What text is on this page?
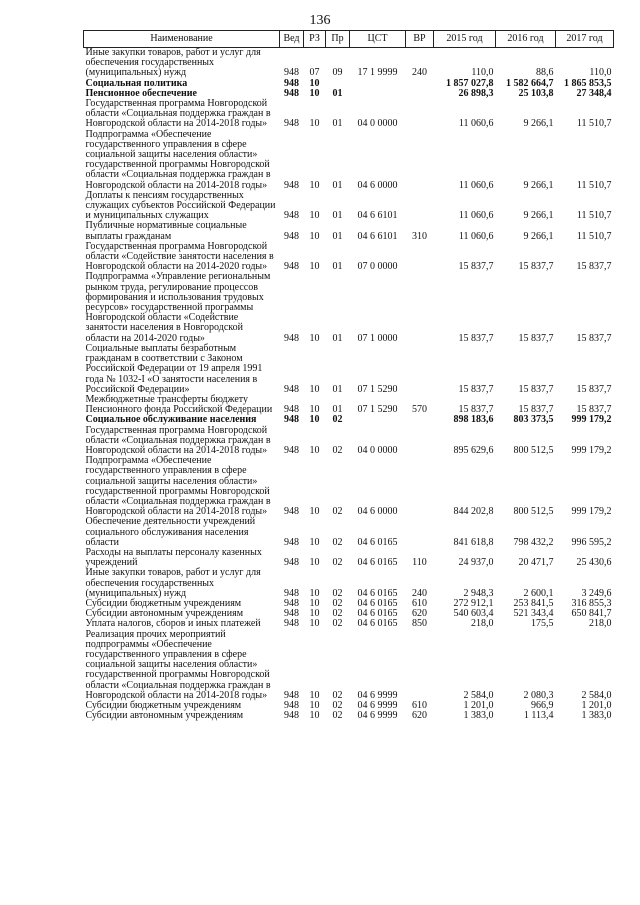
136
Наименование	Вед	РЗ	Пр	ЦСТ	ВР	2015 год	2016 год	2017 год
Иные закупки товаров, работ и услуг для обеспечения государственных (муниципальных) нужд	948	07	09	17 1 9999	240	110,0	88,6	110,0
Социальная политика	948	10				1 857 027,8	1 582 664,7	1 865 853,5
Пенсионное обеспечение	948	10	01			26 898,3	25 103,8	27 348,4
Государственная программа Новгородской области «Социальная поддержка граждан в Новгородской области на 2014-2018 годы»	948	10	01	04 0 0000		11 060,6	9 266,1	11 510,7
Подпрограмма «Обеспечение государственного управления в сфере социальной защиты населения области» государственной программы Новгородской области «Социальная поддержка граждан в Новгородской области на 2014-2018 годы»	948	10	01	04 6 0000		11 060,6	9 266,1	11 510,7
Доплаты к пенсиям государственных служащих субъектов Российской Федерации и муниципальных служащих	948	10	01	04 6 6101		11 060,6	9 266,1	11 510,7
Публичные нормативные социальные выплаты гражданам	948	10	01	04 6 6101	310	11 060,6	9 266,1	11 510,7
Государственная программа Новгородской области «Содействие занятости населения в Новгородской области на 2014-2020 годы»	948	10	01	07 0 0000		15 837,7	15 837,7	15 837,7
Подпрограмма «Управление региональным рынком труда, регулирование процессов формирования и использования трудовых ресурсов» государственной программы Новгородской области «Содействие занятости населения в Новгородской области на 2014-2020 годы»	948	10	01	07 1 0000		15 837,7	15 837,7	15 837,7
Социальные выплаты безработным гражданам в соответствии с Законом Российской Федерации от 19 апреля 1991 года № 1032-I «О занятости населения в Российской Федерации»	948	10	01	07 1 5290		15 837,7	15 837,7	15 837,7
Межбюджетные трансферты бюджету Пенсионного фонда Российской Федерации	948	10	01	07 1 5290	570	15 837,7	15 837,7	15 837,7
Социальное обслуживание населения	948	10	02			898 183,6	803 373,5	999 179,2
Государственная программа Новгородской области «Социальная поддержка граждан в Новгородской области на 2014-2018 годы»	948	10	02	04 0 0000		895 629,6	800 512,5	999 179,2
Подпрограмма «Обеспечение государственного управления в сфере социальной защиты населения области» государственной программы Новгородской области «Социальная поддержка граждан в Новгородской области на 2014-2018 годы»	948	10	02	04 6 0000		844 202,8	800 512,5	999 179,2
Обеспечение деятельности учреждений социального обслуживания населения области	948	10	02	04 6 0165		841 618,8	798 432,2	996 595,2
Расходы на выплаты персоналу казенных учреждений	948	10	02	04 6 0165	110	24 937,0	20 471,7	25 430,6
Иные закупки товаров, работ и услуг для обеспечения государственных (муниципальных) нужд	948	10	02	04 6 0165	240	2 948,3	2 600,1	3 249,6
Субсидии бюджетным учреждениям	948	10	02	04 6 0165	610	272 912,1	253 841,5	316 855,3
Субсидии автономным учреждениям	948	10	02	04 6 0165	620	540 603,4	521 343,4	650 841,7
Уплата налогов, сборов и иных платежей	948	10	02	04 6 0165	850	218,0	175,5	218,0
Реализация прочих мероприятий подпрограммы «Обеспечение государственного управления в сфере социальной защиты населения области» государственной программы Новгородской области «Социальная поддержка граждан в Новгородской области на 2014-2018 годы»	948	10	02	04 6 9999		2 584,0	2 080,3	2 584,0
Субсидии бюджетным учреждениям	948	10	02	04 6 9999	610	1 201,0	966,9	1 201,0
Субсидии автономным учреждениям	948	10	02	04 6 9999	620	1 383,0	1 113,4	1 383,0
